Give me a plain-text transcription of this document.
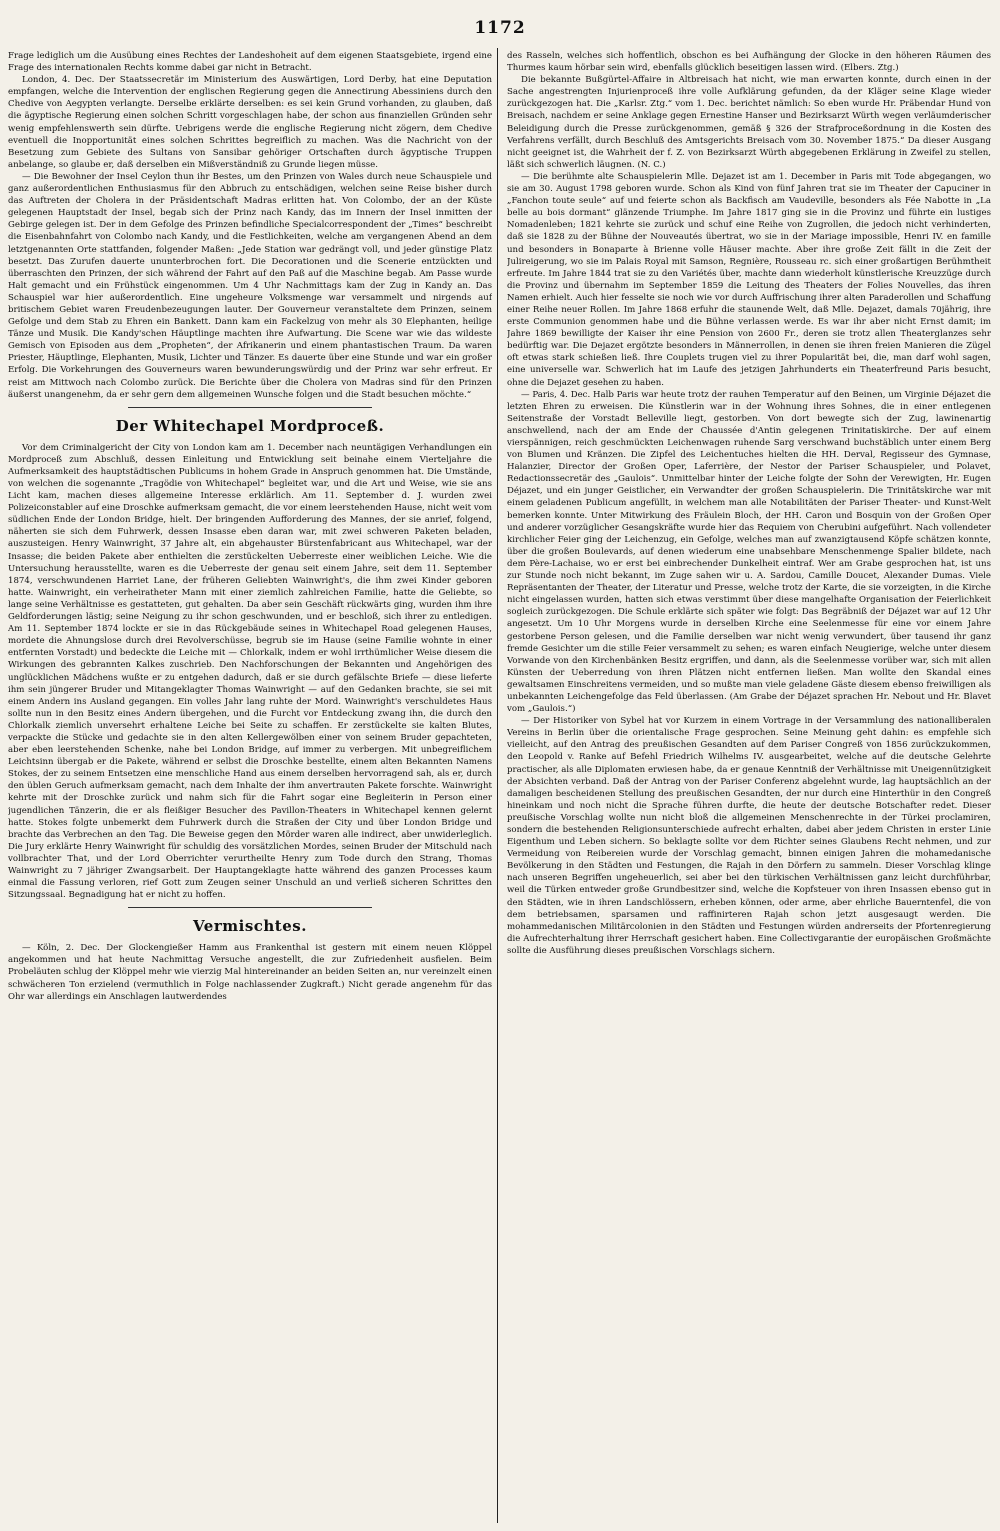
1172

Frage lediglich um die Ausübung eines Rechtes der Landeshoheit auf dem eigenen Staatsgebiete, irgend eine Frage des internationalen Rechts komme dabei gar nicht in Betracht.

London, 4. Dec. Der Staatssecretär im Ministerium des Auswärtigen, Lord Derby, hat eine Deputation empfangen, welche die Intervention der englischen Regierung gegen die Annectirung Abessiniens durch den Chedive von Aegypten verlangte. Derselbe erklärte derselben: es sei kein Grund vorhanden, zu glauben, daß die ägyptische Regierung einen solchen Schritt vorgeschlagen habe, der schon aus finanziellen Gründen sehr wenig empfehlenswerth sein dürfte. Uebrigens werde die englische Regierung nicht zögern, dem Chedive eventuell die Inopportunität eines solchen Schrittes begreiflich zu machen. Was die Nachricht von der Besetzung zum Gebiete des Sultans von Sansibar gehöriger Ortschaften durch ägyptische Truppen anbelange, so glaube er, daß derselben ein Mißverständniß zu Grunde liegen müsse.

— Die Bewohner der Insel Ceylon thun ihr Bestes, um den Prinzen von Wales durch neue Schauspiele und ganz außerordentlichen Enthusiasmus für den Abbruch zu entschädigen, welchen seine Reise bisher durch das Auftreten der Cholera in der Präsidentschaft Madras erlitten hat. Von Colombo, der an der Küste gelegenen Hauptstadt der Insel, begab sich der Prinz nach Kandy, das im Innern der Insel inmitten der Gebirge gelegen ist. Der in dem Gefolge des Prinzen befindliche Specialcorrespondent der „Times“ beschreibt die Eisenbahnfahrt von Colombo nach Kandy, und die Festlichkeiten, welche am vergangenen Abend an dem letztgenannten Orte stattfanden, folgender Maßen: „Jede Station war gedrängt voll, und jeder günstige Platz besetzt. Das Zurufen dauerte ununterbrochen fort. Die Decorationen und die Scenerie entzückten und überraschten den Prinzen, der sich während der Fahrt auf den Paß auf die Maschine begab. Am Passe wurde Halt gemacht und ein Frühstück eingenommen. Um 4 Uhr Nachmittags kam der Zug in Kandy an. Das Schauspiel war hier außerordentlich. Eine ungeheure Volksmenge war versammelt und nirgends auf britischem Gebiet waren Freudenbezeugungen lauter. Der Gouverneur veranstaltete dem Prinzen, seinem Gefolge und dem Stab zu Ehren ein Bankett. Dann kam ein Fackelzug von mehr als 30 Elephanten, heilige Tänze und Musik. Die Kandy'schen Häuptlinge machten ihre Aufwartung. Die Scene war wie das wildeste Gemisch von Episoden aus dem „Propheten“, der Afrikanerin und einem phantastischen Traum. Da waren Priester, Häuptlinge, Elephanten, Musik, Lichter und Tänzer. Es dauerte über eine Stunde und war ein großer Erfolg. Die Vorkehrungen des Gouverneurs waren bewunderungswürdig und der Prinz war sehr erfreut. Er reist am Mittwoch nach Colombo zurück. Die Berichte über die Cholera von Madras sind für den Prinzen äußerst unangenehm, da er sehr gern dem allgemeinen Wunsche folgen und die Stadt besuchen möchte.“

Der Whitechapel Mordproceß.

Vor dem Criminalgericht der City von London kam am 1. December nach neuntägigen Verhandlungen ein Mordproceß zum Abschluß, dessen Einleitung und Entwicklung seit beinahe einem Vierteljahre die Aufmerksamkeit des hauptstädtischen Publicums in hohem Grade in Anspruch genommen hat. Die Umstände, von welchen die sogenannte „Tragödie von Whitechapel“ begleitet war, und die Art und Weise, wie sie ans Licht kam, machen dieses allgemeine Interesse erklärlich. Am 11. September d. J. wurden zwei Polizeiconstabler auf eine Droschke aufmerksam gemacht, die vor einem leerstehenden Hause, nicht weit vom südlichen Ende der London Bridge, hielt. Der bringenden Aufforderung des Mannes, der sie anrief, folgend, näherten sie sich dem Fuhrwerk, dessen Insasse eben daran war, mit zwei schweren Paketen beladen, auszusteigen. Henry Wainwright, 37 Jahre alt, ein abgehauster Bürstenfabricant aus Whitechapel, war der Insasse; die beiden Pakete aber enthielten die zerstückelten Ueberreste einer weiblichen Leiche. Wie die Untersuchung herausstellte, waren es die Ueberreste der genau seit einem Jahre, seit dem 11. September 1874, verschwundenen Harriet Lane, der früheren Geliebten Wainwright's, die ihm zwei Kinder geboren hatte. Wainwright, ein verheiratheter Mann mit einer ziemlich zahlreichen Familie, hatte die Geliebte, so lange seine Verhältnisse es gestatteten, gut gehalten. Da aber sein Geschäft rückwärts ging, wurden ihm ihre Geldforderungen lästig; seine Neigung zu ihr schon geschwunden, und er beschloß, sich ihrer zu entledigen. Am 11. September 1874 lockte er sie in das Rückgebäude seines in Whitechapel Road gelegenen Hauses, mordete die Ahnungslose durch drei Revolverschüsse, begrub sie im Hause (seine Familie wohnte in einer entfernten Vorstadt) und bedeckte die Leiche mit — Chlorkalk, indem er wohl irrthümlicher Weise diesem die Wirkungen des gebrannten Kalkes zuschrieb. Den Nachforschungen der Bekannten und Angehörigen des unglücklichen Mädchens wußte er zu entgehen dadurch, daß er sie durch gefälschte Briefe — diese lieferte ihm sein jüngerer Bruder und Mitangeklagter Thomas Wainwright — auf den Gedanken brachte, sie sei mit einem Andern ins Ausland gegangen. Ein volles Jahr lang ruhte der Mord. Wainwright's verschuldetes Haus sollte nun in den Besitz eines Andern übergehen, und die Furcht vor Entdeckung zwang ihn, die durch den Chlorkalk ziemlich unversehrt erhaltene Leiche bei Seite zu schaffen. Er zerstückelte sie kalten Blutes, verpackte die Stücke und gedachte sie in den alten Kellergewölben einer von seinem Bruder gepachteten, aber eben leerstehenden Schenke, nahe bei London Bridge, auf immer zu verbergen. Mit unbegreiflichem Leichtsinn übergab er die Pakete, während er selbst die Droschke bestellte, einem alten Bekannten Namens Stokes, der zu seinem Entsetzen eine menschliche Hand aus einem derselben hervorragend sah, als er, durch den üblen Geruch aufmerksam gemacht, nach dem Inhalte der ihm anvertrauten Pakete forschte. Wainwright kehrte mit der Droschke zurück und nahm sich für die Fahrt sogar eine Begleiterin in Person einer jugendlichen Tänzerin, die er als fleißiger Besucher des Pavillon-Theaters in Whitechapel kennen gelernt hatte. Stokes folgte unbemerkt dem Fuhrwerk durch die Straßen der City und über London Bridge und brachte das Verbrechen an den Tag. Die Beweise gegen den Mörder waren alle indirect, aber unwiderleglich. Die Jury erklärte Henry Wainwright für schuldig des vorsätzlichen Mordes, seinen Bruder der Mitschuld nach vollbrachter That, und der Lord Oberrichter verurtheilte Henry zum Tode durch den Strang, Thomas Wainwright zu 7 jähriger Zwangsarbeit. Der Hauptangeklagte hatte während des ganzen Processes kaum einmal die Fassung verloren, rief Gott zum Zeugen seiner Unschuld an und verließ sicheren Schrittes den Sitzungssaal. Begnadigung hat er nicht zu hoffen.

Vermischtes.

— Köln, 2. Dec. Der Glockengießer Hamm aus Frankenthal ist gestern mit einem neuen Klöppel angekommen und hat heute Nachmittag Versuche angestellt, die zur Zufriedenheit ausfielen. Beim Probeläuten schlug der Klöppel mehr wie vierzig Mal hintereinander an beiden Seiten an, nur vereinzelt einen schwächeren Ton erzielend (vermuthlich in Folge nachlassender Zugkraft.) Nicht gerade angenehm für das Ohr war allerdings ein Anschlagen lautwerdendes

des Rasseln, welches sich hoffentlich, obschon es bei Aufhängung der Glocke in den höheren Räumen des Thurmes kaum hörbar sein wird, ebenfalls glücklich beseitigen lassen wird. (Elbers. Ztg.)

Die bekannte Bußgürtel-Affaire in Altbreisach hat nicht, wie man erwarten konnte, durch einen in der Sache angestrengten Injurienproceß ihre volle Aufklärung gefunden, da der Kläger seine Klage wieder zurückgezogen hat. Die „Karlsr. Ztg.“ vom 1. Dec. berichtet nämlich: So eben wurde Hr. Präbendar Hund von Breisach, nachdem er seine Anklage gegen Ernestine Hanser und Bezirksarzt Würth wegen verläumderischer Beleidigung durch die Presse zurückgenommen, gemäß § 326 der Strafproceßordnung in die Kosten des Verfahrens verfällt, durch Beschluß des Amtsgerichts Breisach vom 30. November 1875.“ Da dieser Ausgang nicht geeignet ist, die Wahrheit der f. Z. von Bezirksarzt Würth abgegebenen Erklärung in Zweifel zu stellen, läßt sich schwerlich läugnen. (N. C.)

— Die berühmte alte Schauspielerin Mlle. Dejazet ist am 1. December in Paris mit Tode abgegangen, wo sie am 30. August 1798 geboren wurde. Schon als Kind von fünf Jahren trat sie im Theater der Capuciner in „Fanchon toute seule“ auf und feierte schon als Backfisch am Vaudeville, besonders als Fée Nabotte in „La belle au bois dormant“ glänzende Triumphe. Im Jahre 1817 ging sie in die Provinz und führte ein lustiges Nomadenleben; 1821 kehrte sie zurück und schuf eine Reihe von Zugrollen, die jedoch nicht verhinderten, daß sie 1828 zu der Bühne der Nouveautés übertrat, wo sie in der Mariage impossible, Henri IV. en famille und besonders in Bonaparte à Brienne volle Häuser machte. Aber ihre große Zeit fällt in die Zeit der Julireigerung, wo sie im Palais Royal mit Samson, Regnière, Rousseau rc. sich einer großartigen Berühmtheit erfreute. Im Jahre 1844 trat sie zu den Variétés über, machte dann wiederholt künstlerische Kreuzzüge durch die Provinz und übernahm im September 1859 die Leitung des Theaters der Folies Nouvelles, das ihren Namen erhielt. Auch hier fesselte sie noch wie vor durch Auffrischung ihrer alten Paraderollen und Schaffung einer Reihe neuer Rollen. Im Jahre 1868 erfuhr die staunende Welt, daß Mlle. Dejazet, damals 70jährig, ihre erste Communion genommen habe und die Bühne verlassen werde. Es war ihr aber nicht Ernst damit; im Jahre 1869 bewilligte der Kaiser ihr eine Pension von 2600 Fr., deren sie trotz allen Theaterglanzes sehr bedürftig war. Die Dejazet ergötzte besonders in Männerrollen, in denen sie ihren freien Manieren die Zügel oft etwas stark schießen ließ. Ihre Couplets trugen viel zu ihrer Popularität bei, die, man darf wohl sagen, eine universelle war. Schwerlich hat im Laufe des jetzigen Jahrhunderts ein Theaterfreund Paris besucht, ohne die Dejazet gesehen zu haben.

— Paris, 4. Dec. Halb Paris war heute trotz der rauhen Temperatur auf den Beinen, um Virginie Déjazet die letzten Ehren zu erweisen. Die Künstlerin war in der Wohnung ihres Sohnes, die in einer entlegenen Seitenstraße der Vorstadt Belleville liegt, gestorben. Von dort bewegte sich der Zug, lawinenartig anschwellend, nach der am Ende der Chaussée d'Antin gelegenen Trinitatiskirche. Der auf einem vierspännigen, reich geschmückten Leichenwagen ruhende Sarg verschwand buchstäblich unter einem Berg von Blumen und Kränzen. Die Zipfel des Leichentuches hielten die HH. Derval, Regisseur des Gymnase, Halanzier, Director der Großen Oper, Laferrière, der Nestor der Pariser Schauspieler, und Polavet, Redactionssecretär des „Gaulois“. Unmittelbar hinter der Leiche folgte der Sohn der Verewigten, Hr. Eugen Déjazet, und ein junger Geistlicher, ein Verwandter der großen Schauspielerin. Die Trinitätskirche war mit einem geladenen Publicum angefüllt, in welchem man alle Notabilitäten der Pariser Theater- und Kunst-Welt bemerken konnte. Unter Mitwirkung des Fräulein Bloch, der HH. Caron und Bosquin von der Großen Oper und anderer vorzüglicher Gesangskräfte wurde hier das Requiem von Cherubini aufgeführt. Nach vollendeter kirchlicher Feier ging der Leichenzug, ein Gefolge, welches man auf zwanzigtausend Köpfe schätzen konnte, über die großen Boulevards, auf denen wiederum eine unabsehbare Menschenmenge Spalier bildete, nach dem Père-Lachaise, wo er erst bei einbrechender Dunkelheit eintraf. Wer am Grabe gesprochen hat, ist uns zur Stunde noch nicht bekannt, im Zuge sahen wir u. A. Sardou, Camille Doucet, Alexander Dumas. Viele Repräsentanten der Theater, der Literatur und Presse, welche trotz der Karte, die sie vorzeigten, in die Kirche nicht eingelassen wurden, hatten sich etwas verstimmt über diese mangelhafte Organisation der Feierlichkeit sogleich zurückgezogen. Die Schule erklärte sich später wie folgt: Das Begräbniß der Déjazet war auf 12 Uhr angesetzt. Um 10 Uhr Morgens wurde in derselben Kirche eine Seelenmesse für eine vor einem Jahre gestorbene Person gelesen, und die Familie derselben war nicht wenig verwundert, über tausend ihr ganz fremde Gesichter um die stille Feier versammelt zu sehen; es waren einfach Neugierige, welche unter diesem Vorwande von den Kirchenbänken Besitz ergriffen, und dann, als die Seelenmesse vorüber war, sich mit allen Künsten der Ueberredung von ihren Plätzen nicht entfernen ließen. Man wollte den Skandal eines gewaltsamen Einschreitens vermeiden, und so mußte man viele geladene Gäste diesem ebenso freiwilligen als unbekannten Leichengefolge das Feld überlassen. (Am Grabe der Déjazet sprachen Hr. Nebout und Hr. Blavet vom „Gaulois.“)

— Der Historiker von Sybel hat vor Kurzem in einem Vortrage in der Versammlung des nationalliberalen Vereins in Berlin über die orientalische Frage gesprochen. Seine Meinung geht dahin: es empfehle sich vielleicht, auf den Antrag des preußischen Gesandten auf dem Pariser Congreß von 1856 zurückzukommen, den Leopold v. Ranke auf Befehl Friedrich Wilhelms IV. ausgearbeitet, welche auf die deutsche Gelehrte practischer, als alle Diplomaten erwiesen habe, da er genaue Kenntniß der Verhältnisse mit Uneigennützigkeit der Absichten verband. Daß der Antrag von der Pariser Conferenz abgelehnt wurde, lag hauptsächlich an der damaligen bescheidenen Stellung des preußischen Gesandten, der nur durch eine Hinterthür in den Congreß hineinkam und noch nicht die Sprache führen durfte, die heute der deutsche Botschafter redet. Dieser preußische Vorschlag wollte nun nicht bloß die allgemeinen Menschenrechte in der Türkei proclamiren, sondern die bestehenden Religionsunterschiede aufrecht erhalten, dabei aber jedem Christen in erster Linie Eigenthum und Leben sichern. So beklagte sollte vor dem Richter seines Glaubens Recht nehmen, und zur Vermeidung von Reibereien wurde der Vorschlag gemacht, binnen einigen Jahren die mohamedanische Bevölkerung in den Städten und Festungen, die Rajah in den Dörfern zu sammeln. Dieser Vorschlag klinge nach unseren Begriffen ungeheuerlich, sei aber bei den türkischen Verhältnissen ganz leicht durchführbar, weil die Türken entweder große Grundbesitzer sind, welche die Kopfsteuer von ihren Insassen ebenso gut in den Städten, wie in ihren Landschlössern, erheben können, oder arme, aber ehrliche Bauerntenfel, die von dem betriebsamen, sparsamen und raffinirteren Rajah schon jetzt ausgesaugt werden. Die mohammedanischen Militärcolonien in den Städten und Festungen würden andrerseits der Pfortenregierung die Aufrechterhaltung ihrer Herrschaft gesichert haben. Eine Collectivgarantie der europäischen Großmächte sollte die Ausführung dieses preußischen Vorschlags sichern.
